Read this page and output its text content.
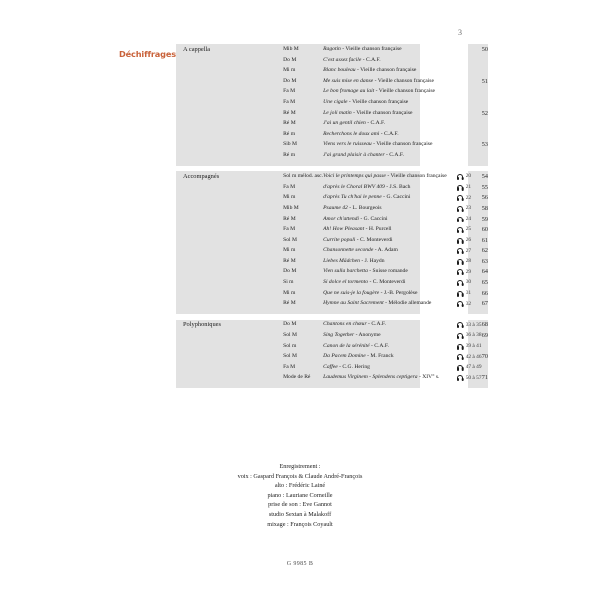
3
Déchiffrages A cappella	Mib M	Ragotin - Vieille chanson française		50
	Do M	C'est assez facile - C.A.F.		
	Mi m	Blanc bouleau - Vieille chanson française		
	Do M	Me suis mise en danse - Vieille chanson française		51
	Fa M	Le bon fromage au lait - Vieille chanson française		
	Fa M	Une cigale - Vieille chanson française		
	Ré M	Le joli matin - Vieille chanson française		52
	Ré M	J'ai un gentil chien - C.A.F.		
	Ré m	Recherchons le doux ami - C.A.F.		
	Sib M	Viens vers le ruisseau - Vieille chanson française		53
	Ré m	J'ai grand plaisir à chanter - C.A.F.		

Accompagnés	Sol m mélod. asc.	Voici le printemps qui passe - Vieille chanson française	20	54
	Fa M	d'après le Choral BWV 409 - J.S. Bach	21	55
	Mi m	d'après Tu ch'hai le penne - G. Caccini	22	56
	Mib M	Psaume 42 - L. Bourgeois	23	58
	Ré M	Amor ch'attendi - G. Caccini	24	59
	Fa M	Ah! How Pleasant - H. Purcell	25	60
	Sol M	Currite populi - C. Monteverdi	26	61
	Mi m	Chansonnette seconde - A. Adam	27	62
	Ré M	Liebes Mädchen - J. Haydn	28	63
	Do M	Vien sulla barchetta - Suisse romande	29	64
	Si m	Si dolce el tormento - C. Monteverdi	30	65
	Mi m	Que ne suis-je la fougère - J.-B. Pergolèse	31	66
	Ré M	Hymne au Saint Sacrement - Mélodie allemande	32	67

Polyphoniques	Do M	Chantons en chœur - C.A.F.	33 à 35	68
	Sol M	Sing Together - Anonyme	36 à 38	69
	Sol m	Canon de la sérénité - C.A.F.	39 à 41	

	Sol M	Da Pacem Domine - M. Franck	42 à 46	70
	Fa M	Caffee - C.G. Hering	47 à 49	

	Mode de Ré	Laudemus Virginem - Splendens ceptigera - XIV° s.	50 à 57	71
Enregistrement :
voix : Gaspard François & Claude André-François
alto : Frédéric Lainé
piano : Lauriane Corneille
prise de son : Eve Gannot
studio Sextan à Malakoff
mixage : François Coyault
G 9985 B
